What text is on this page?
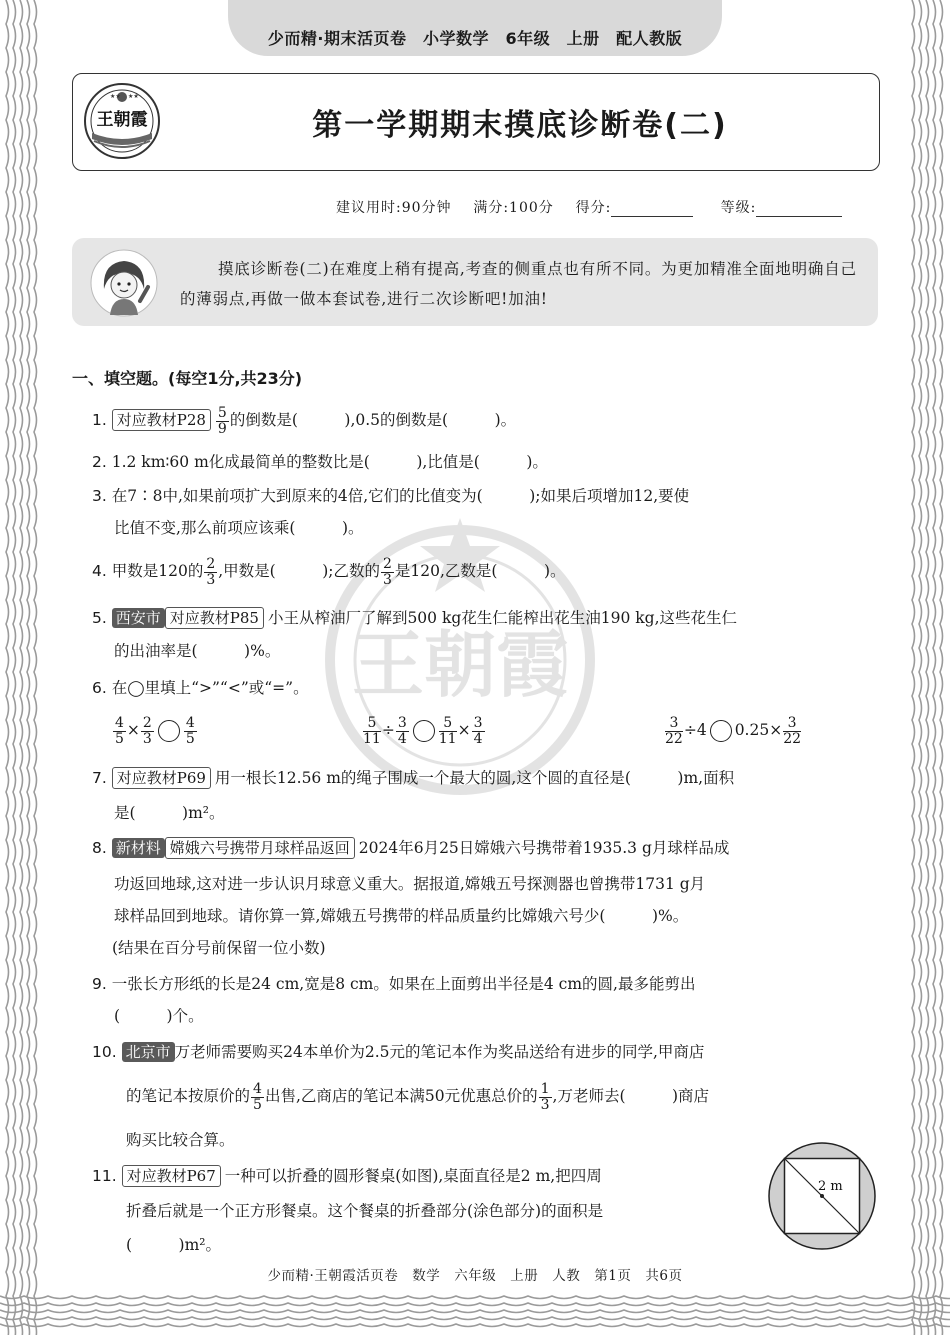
少而精·期末活页卷　小学数学　6年级　上册　配人教版
★★ ★★
王朝霞	第一学期期末摸底诊断卷(二)
建议用时:90分钟 满分:100分 得分:	等级:
摸底诊断卷(二)在难度上稍有提高,考查的侧重点也有所不同。为更加精准全面地明确自己的薄弱点,再做一做本套试卷,进行二次诊断吧!加油!
一、填空题。(每空1分,共23分)
王朝霞
1. 对应教材$P28 \frac{5}{9}$ 的倒数是(　　　),0.5的倒数是(　　　)。
2. 1.2 km∶60 m化成最简单的整数比是(　　　),比值是(　　　)。
3. 在7∶8中,如果前项扩大到原来的4倍,它们的比值变为(　　　);如果后项增加12,要使
比值不变,那么前项应该乘(　　　)。
4. 甲数是120的 $\frac{2}{3}$ ,甲数是(　　　);乙数的 $\frac{2}{3}$ 是120,乙数是(　　　)。
5. 西安市 对应教材P85 小王从榨油厂了解到500 kg花生仁能榨出花生油190 kg,这些花生仁
的出油率是(　　　)%。
6. 在◯里填上“>”“<”或“=”。
$\frac{4}{5} \times \frac{2}{3} \frac{4}{5}$	$\frac{5}{11} \div \frac{3}{4} \frac{5}{11} \times \frac{3}{4}$	$\frac{3}{22} \div 4$ $0.25\times \frac{3}{22}$
7. 对应教材P69 用一根长12.56 m的绳子围成一个最大的圆,这个圆的直径是(　　　)m,面积
是(　　　)m²。
8. 新材料 嫦娥六号携带月球样品返回 2024年6月25日嫦娥六号携带着1935.3 g月球样品成
功返回地球,这对进一步认识月球意义重大。据报道,嫦娥五号探测器也曾携带1731 g月
球样品回到地球。请你算一算,嫦娥五号携带的样品质量约比嫦娥六号少(　　　)%。
(结果在百分号前保留一位小数)
9. 一张长方形纸的长是24 cm,宽是8 cm。如果在上面剪出半径是4 cm的圆,最多能剪出
(　　　)个。
10. 北京市 万老师需要购买24本单价为2.5元的笔记本作为奖品送给有进步的同学,甲商店
的笔记本按原价的 $\frac{4}{5}$ 出售,乙商店的笔记本满50元优惠总价的 $\frac{1}{3}$ ,万老师去(　　　)商店
购买比较合算。
11. 对应教材P67 一种可以折叠的圆形餐桌(如图),桌面直径是2 m,把四周
折叠后就是一个正方形餐桌。这个餐桌的折叠部分(涂色部分)的面积是
(　　　)m²。
2 m
少而精·王朝霞活页卷　数学　六年级　上册　人教　第1页　共6页
